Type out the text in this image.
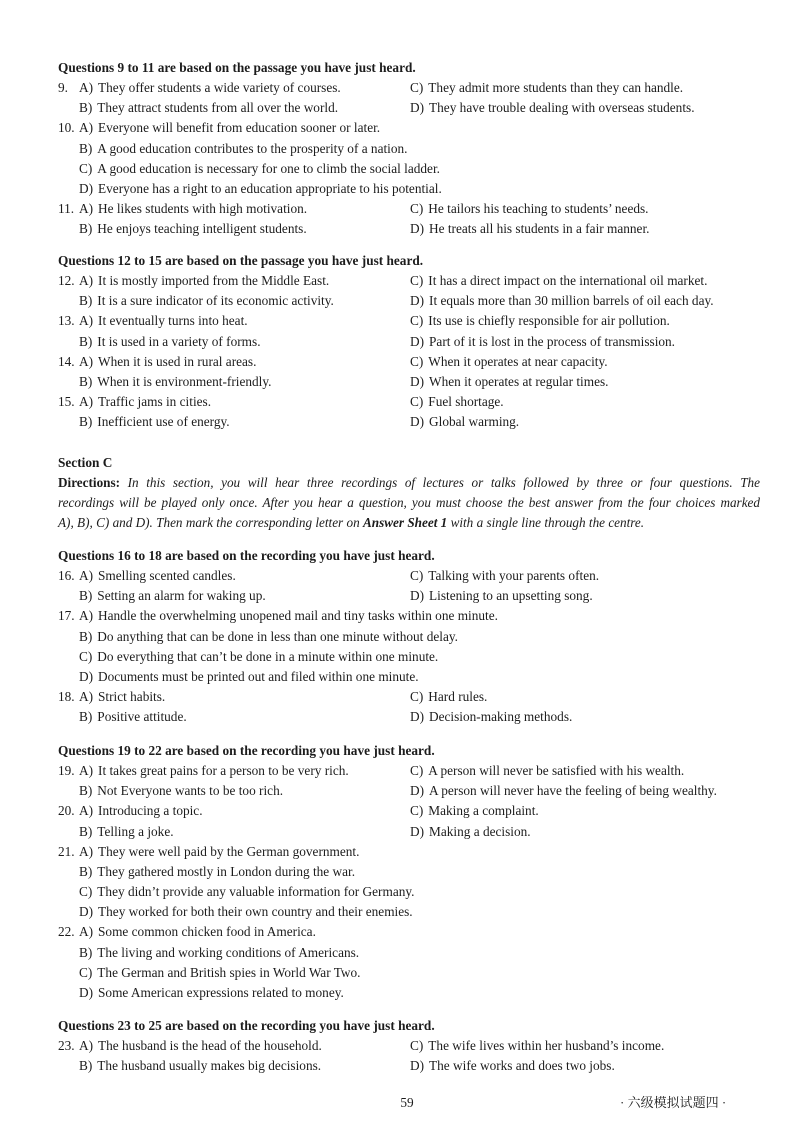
Questions 9 to 11 are based on the passage you have just heard.
9. A) They offer students a wide variety of courses.	C) They admit more students than they can handle.
B) They attract students from all over the world.	D) They have trouble dealing with overseas students.
10. A) Everyone will benefit from education sooner or later.
B) A good education contributes to the prosperity of a nation.
C) A good education is necessary for one to climb the social ladder.
D) Everyone has a right to an education appropriate to his potential.
11. A) He likes students with high motivation.	C) He tailors his teaching to students’ needs.
B) He enjoys teaching intelligent students.	D) He treats all his students in a fair manner.
Questions 12 to 15 are based on the passage you have just heard.
12. A) It is mostly imported from the Middle East.	C) It has a direct impact on the international oil market.
B) It is a sure indicator of its economic activity.	D) It equals more than 30 million barrels of oil each day.
13. A) It eventually turns into heat.	C) Its use is chiefly responsible for air pollution.
B) It is used in a variety of forms.	D) Part of it is lost in the process of transmission.
14. A) When it is used in rural areas.	C) When it operates at near capacity.
B) When it is environment-friendly.	D) When it operates at regular times.
15. A) Traffic jams in cities.	C) Fuel shortage.
B) Inefficient use of energy.	D) Global warming.
Section C
Directions: In this section, you will hear three recordings of lectures or talks followed by three or four questions. The
recordings will be played only once. After you hear a question, you must choose the best answer from the four choices marked
A), B), C) and D). Then mark the corresponding letter on Answer Sheet 1 with a single line through the centre.
Questions 16 to 18 are based on the recording you have just heard.
16. A) Smelling scented candles.	C) Talking with your parents often.
B) Setting an alarm for waking up.	D) Listening to an upsetting song.
17. A) Handle the overwhelming unopened mail and tiny tasks within one minute.
B) Do anything that can be done in less than one minute without delay.
C) Do everything that can’t be done in a minute within one minute.
D) Documents must be printed out and filed within one minute.
18. A) Strict habits.	C) Hard rules.
B) Positive attitude.	D) Decision-making methods.
Questions 19 to 22 are based on the recording you have just heard.
19. A) It takes great pains for a person to be very rich.	C) A person will never be satisfied with his wealth.
B) Not Everyone wants to be too rich.	D) A person will never have the feeling of being wealthy.
20. A) Introducing a topic.	C) Making a complaint.
B) Telling a joke.	D) Making a decision.
21. A) They were well paid by the German government.
B) They gathered mostly in London during the war.
C) They didn’t provide any valuable information for Germany.
D) They worked for both their own country and their enemies.
22. A) Some common chicken food in America.
B) The living and working conditions of Americans.
C) The German and British spies in World War Two.
D) Some American expressions related to money.
Questions 23 to 25 are based on the recording you have just heard.
23. A) The husband is the head of the household.	C) The wife lives within her husband’s income.
B) The husband usually makes big decisions.	D) The wife works and does two jobs.
59	· 六级模拟试题四 ·
